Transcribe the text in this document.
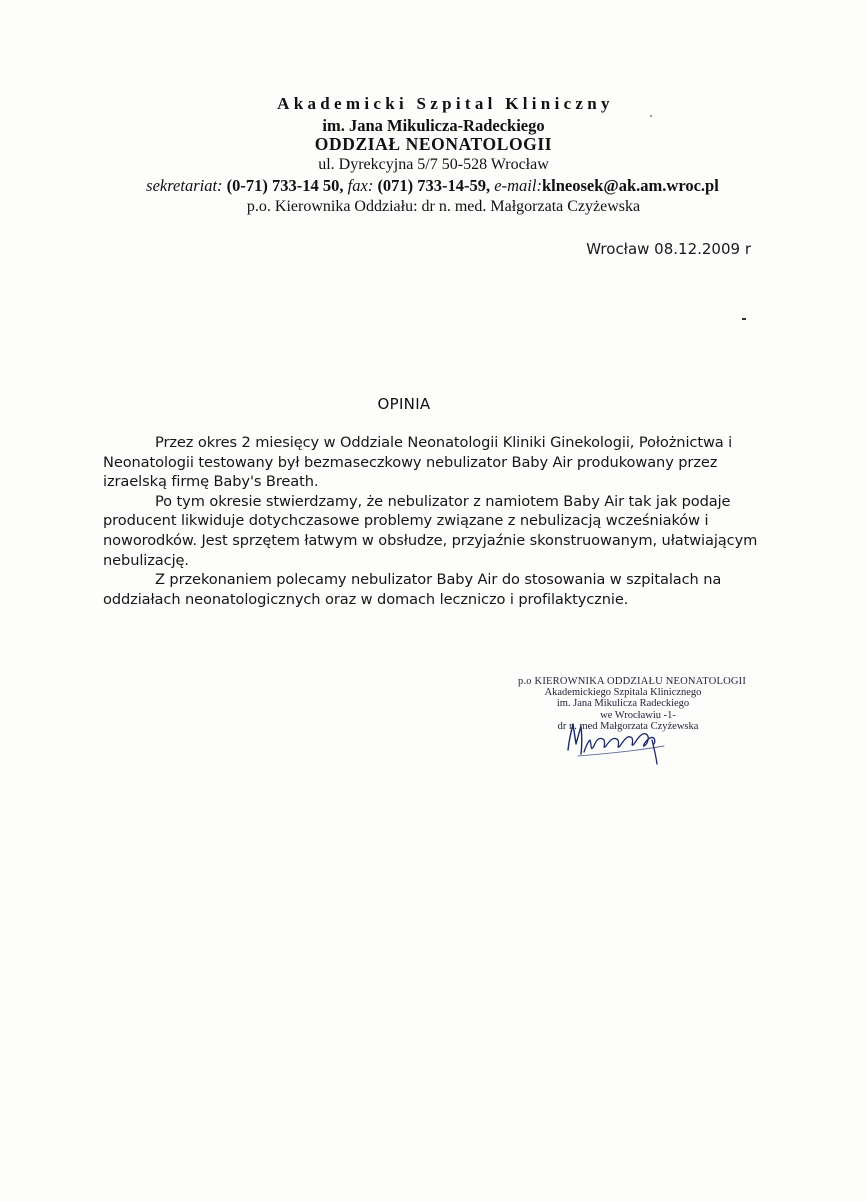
Akademicki Szpital Kliniczny
im. Jana Mikulicza-Radeckiego
ODDZIAŁ NEONATOLOGII
ul. Dyrekcyjna 5/7 50-528 Wrocław
sekretariat: (0-71) 733-14 50, fax: (071) 733-14-59, e-mail:klneosek@ak.am.wroc.pl
p.o. Kierownika Oddziału: dr n. med. Małgorzata Czyżewska
Wrocław 08.12.2009 r
OPINIA

Przez okres 2 miesięcy w Oddziale Neonatologii Kliniki Ginekologii, Położnictwa i Neonatologii testowany był bezmaseczkowy nebulizator Baby Air produkowany przez izraelską firmę Baby's Breath.

Po tym okresie stwierdzamy, że nebulizator z namiotem Baby Air tak jak podaje producent likwiduje dotychczasowe problemy związane z nebulizacją wcześniaków i noworodków. Jest sprzętem łatwym w obsłudze, przyjaźnie skonstruowanym, ułatwiającym nebulizację.

Z przekonaniem polecamy nebulizator Baby Air do stosowania w szpitalach na oddziałach neonatologicznych oraz w domach leczniczo i profilaktycznie.

p.o KIEROWNIKA ODDZIAŁU NEONATOLOGII
Akademickiego Szpitala Klinicznego
im. Jana Mikulicza Radeckiego
we Wrocławiu -1-
dr n. med Małgorzata Czyżewska
